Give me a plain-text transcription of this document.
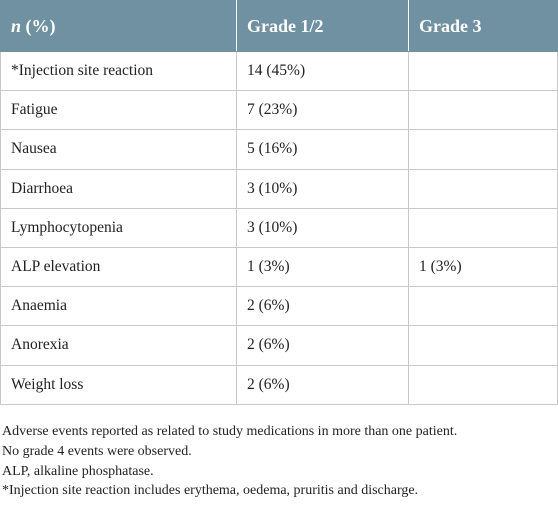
n (%)	Grade 1/2	Grade 3
*Injection site reaction	14 (45%)	
Fatigue	7 (23%)	
Nausea	5 (16%)	
Diarrhoea	3 (10%)	
Lymphocytopenia	3 (10%)	
ALP elevation	1 (3%)	1 (3%)
Anaemia	2 (6%)	
Anorexia	2 (6%)	
Weight loss	2 (6%)	
Adverse events reported as related to study medications in more than one patient.
No grade 4 events were observed.
ALP, alkaline phosphatase.
*Injection site reaction includes erythema, oedema, pruritis and discharge.
